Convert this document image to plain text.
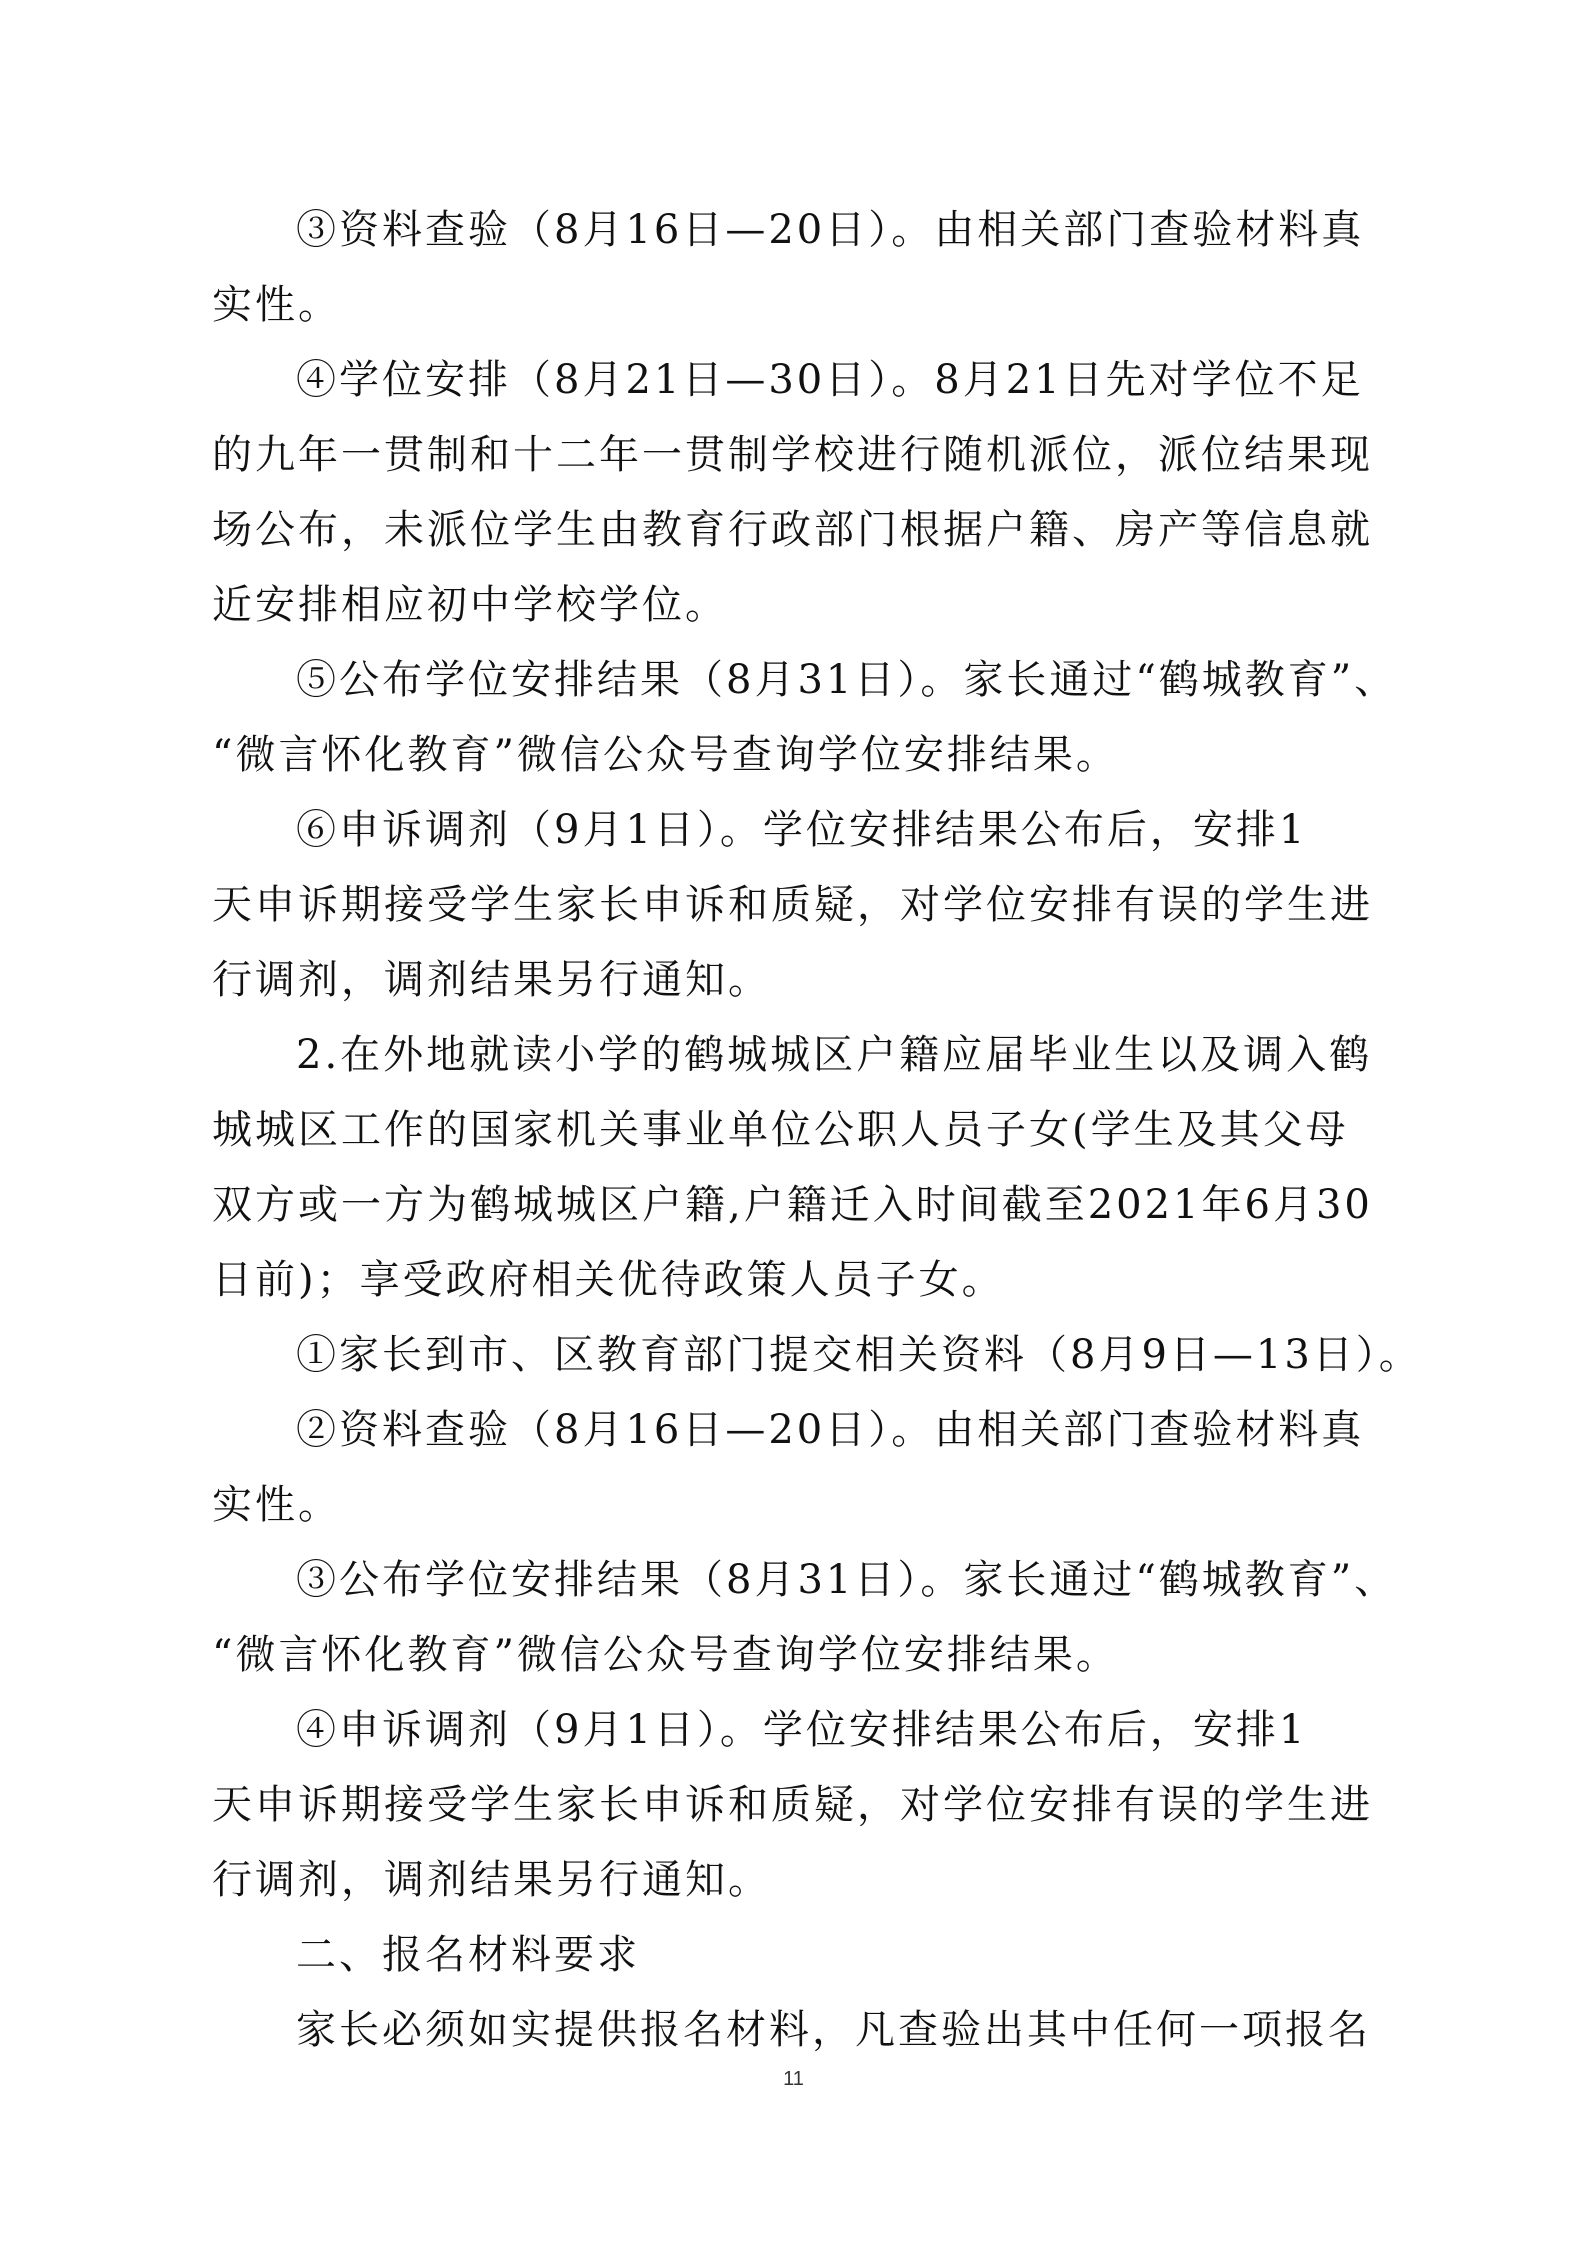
③资料查验（8月16日—20日）。由相关部门查验材料真
实性。
④学位安排（8月21日—30日）。8月21日先对学位不足
的九年一贯制和十二年一贯制学校进行随机派位，派位结果现
场公布，未派位学生由教育行政部门根据户籍、房产等信息就
近安排相应初中学校学位。
⑤公布学位安排结果（8月31日）。家长通过“鹤城教育”、
“微言怀化教育”微信公众号查询学位安排结果。
⑥申诉调剂（9月1日）。学位安排结果公布后，安排1
天申诉期接受学生家长申诉和质疑，对学位安排有误的学生进
行调剂，调剂结果另行通知。
2.在外地就读小学的鹤城城区户籍应届毕业生以及调入鹤
城城区工作的国家机关事业单位公职人员子女(学生及其父母
双方或一方为鹤城城区户籍,户籍迁入时间截至2021年6月30
日前)；享受政府相关优待政策人员子女。
①家长到市、区教育部门提交相关资料（8月9日—13日）。
②资料查验（8月16日—20日）。由相关部门查验材料真
实性。
③公布学位安排结果（8月31日）。家长通过“鹤城教育”、
“微言怀化教育”微信公众号查询学位安排结果。
④申诉调剂（9月1日）。学位安排结果公布后，安排1
天申诉期接受学生家长申诉和质疑，对学位安排有误的学生进
行调剂，调剂结果另行通知。
二、报名材料要求
家长必须如实提供报名材料，凡查验出其中任何一项报名
11
